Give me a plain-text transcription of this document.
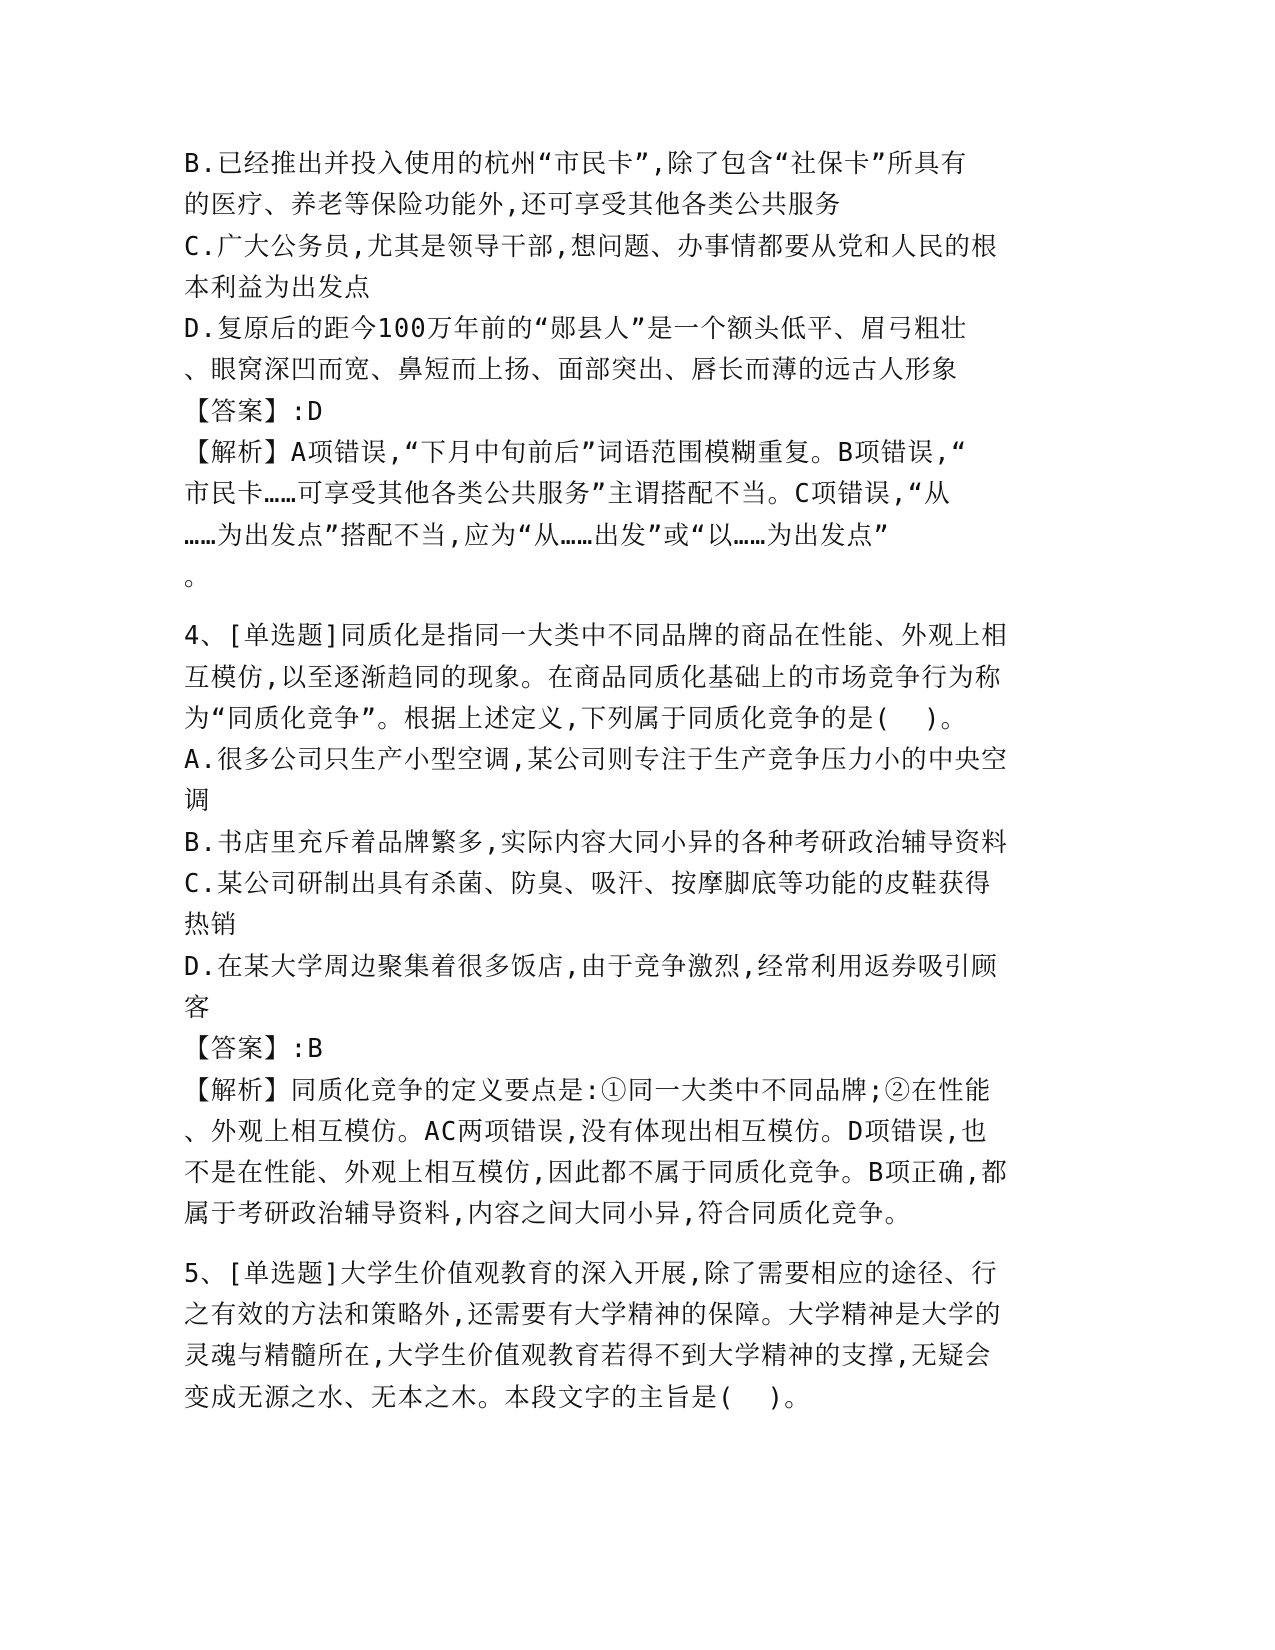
B.已经推出并投入使用的杭州“市民卡”,除了包含“社保卡”所具有
的医疗、养老等保险功能外,还可享受其他各类公共服务
C.广大公务员,尤其是领导干部,想问题、办事情都要从党和人民的根
本利益为出发点
D.复原后的距今100万年前的“郧县人”是一个额头低平、眉弓粗壮
、眼窝深凹而宽、鼻短而上扬、面部突出、唇长而薄的远古人形象
【答案】:D
【解析】A项错误,“下月中旬前后”词语范围模糊重复。B项错误,“
市民卡……可享受其他各类公共服务”主谓搭配不当。C项错误,“从
……为出发点”搭配不当,应为“从……出发”或“以……为出发点”
。
4、[单选题]同质化是指同一大类中不同品牌的商品在性能、外观上相
互模仿,以至逐渐趋同的现象。在商品同质化基础上的市场竞争行为称
为“同质化竞争”。根据上述定义,下列属于同质化竞争的是(  )。
A.很多公司只生产小型空调,某公司则专注于生产竞争压力小的中央空
调
B.书店里充斥着品牌繁多,实际内容大同小异的各种考研政治辅导资料
C.某公司研制出具有杀菌、防臭、吸汗、按摩脚底等功能的皮鞋获得
热销
D.在某大学周边聚集着很多饭店,由于竞争激烈,经常利用返券吸引顾
客
【答案】:B
【解析】同质化竞争的定义要点是:①同一大类中不同品牌;②在性能
、外观上相互模仿。AC两项错误,没有体现出相互模仿。D项错误,也
不是在性能、外观上相互模仿,因此都不属于同质化竞争。B项正确,都
属于考研政治辅导资料,内容之间大同小异,符合同质化竞争。
5、[单选题]大学生价值观教育的深入开展,除了需要相应的途径、行
之有效的方法和策略外,还需要有大学精神的保障。大学精神是大学的
灵魂与精髓所在,大学生价值观教育若得不到大学精神的支撑,无疑会
变成无源之水、无本之木。本段文字的主旨是(  )。
